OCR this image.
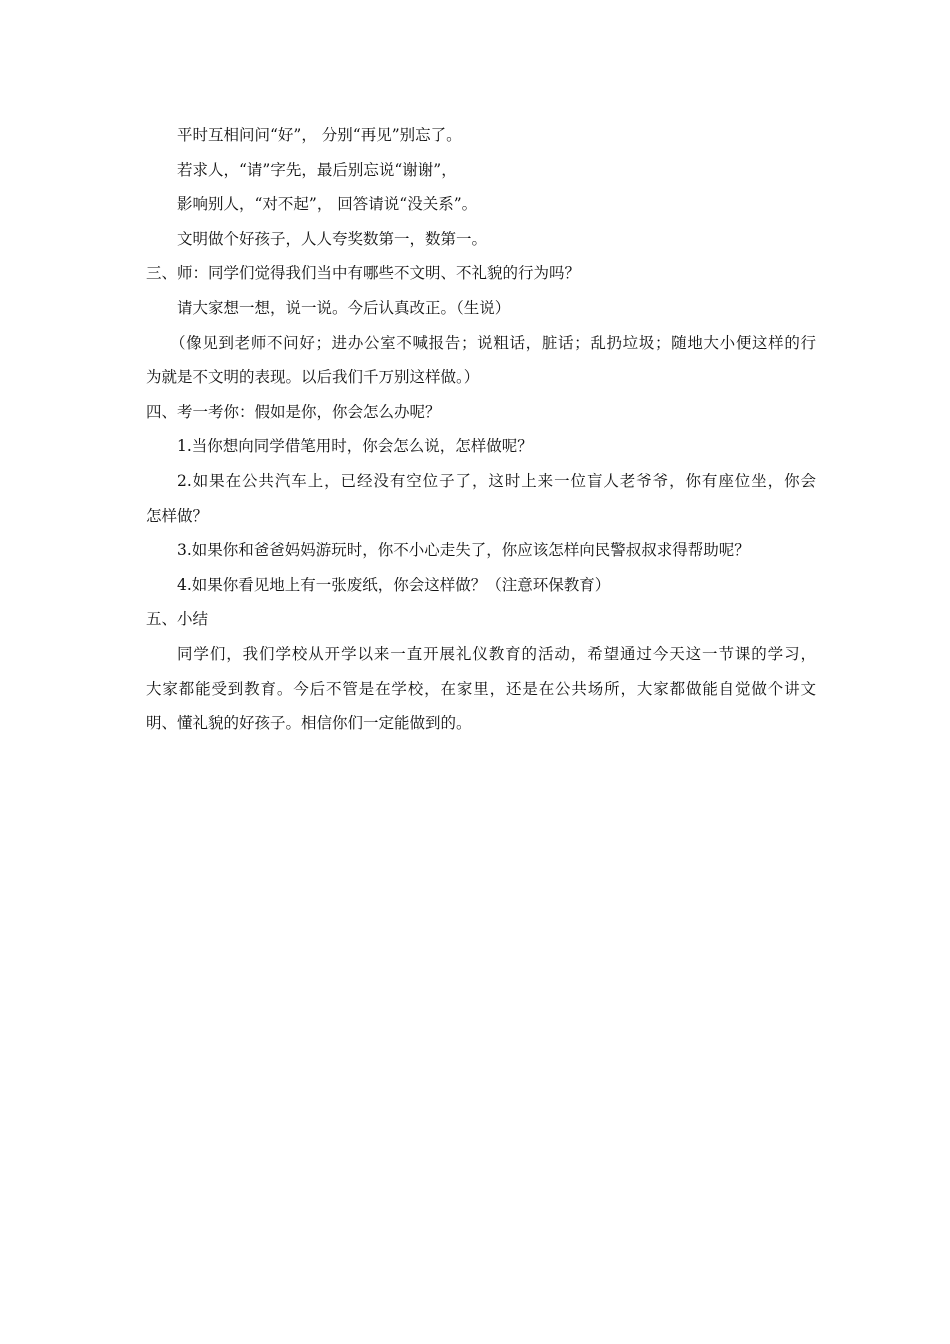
平时互相问问“好”， 分别“再见”别忘了。
若求人，“请”字先，最后别忘说“谢谢”，
影响别人，“对不起”， 回答请说“没关系”。
文明做个好孩子，人人夸奖数第一，数第一。
三、师：同学们觉得我们当中有哪些不文明、不礼貌的行为吗？
请大家想一想，说一说。今后认真改正。（生说）
（像见到老师不问好；进办公室不喊报告；说粗话，脏话；乱扔垃圾；随地大小便这样的行
为就是不文明的表现。以后我们千万别这样做。）
四、考一考你：假如是你，你会怎么办呢？
1.当你想向同学借笔用时，你会怎么说，怎样做呢？
2.如果在公共汽车上，已经没有空位子了，这时上来一位盲人老爷爷，你有座位坐，你会
怎样做？
3.如果你和爸爸妈妈游玩时，你不小心走失了，你应该怎样向民警叔叔求得帮助呢？
4.如果你看见地上有一张废纸，你会这样做？（注意环保教育）
五、小结
同学们，我们学校从开学以来一直开展礼仪教育的活动，希望通过今天这一节课的学习，
大家都能受到教育。今后不管是在学校，在家里，还是在公共场所，大家都做能自觉做个讲文
明、懂礼貌的好孩子。相信你们一定能做到的。
